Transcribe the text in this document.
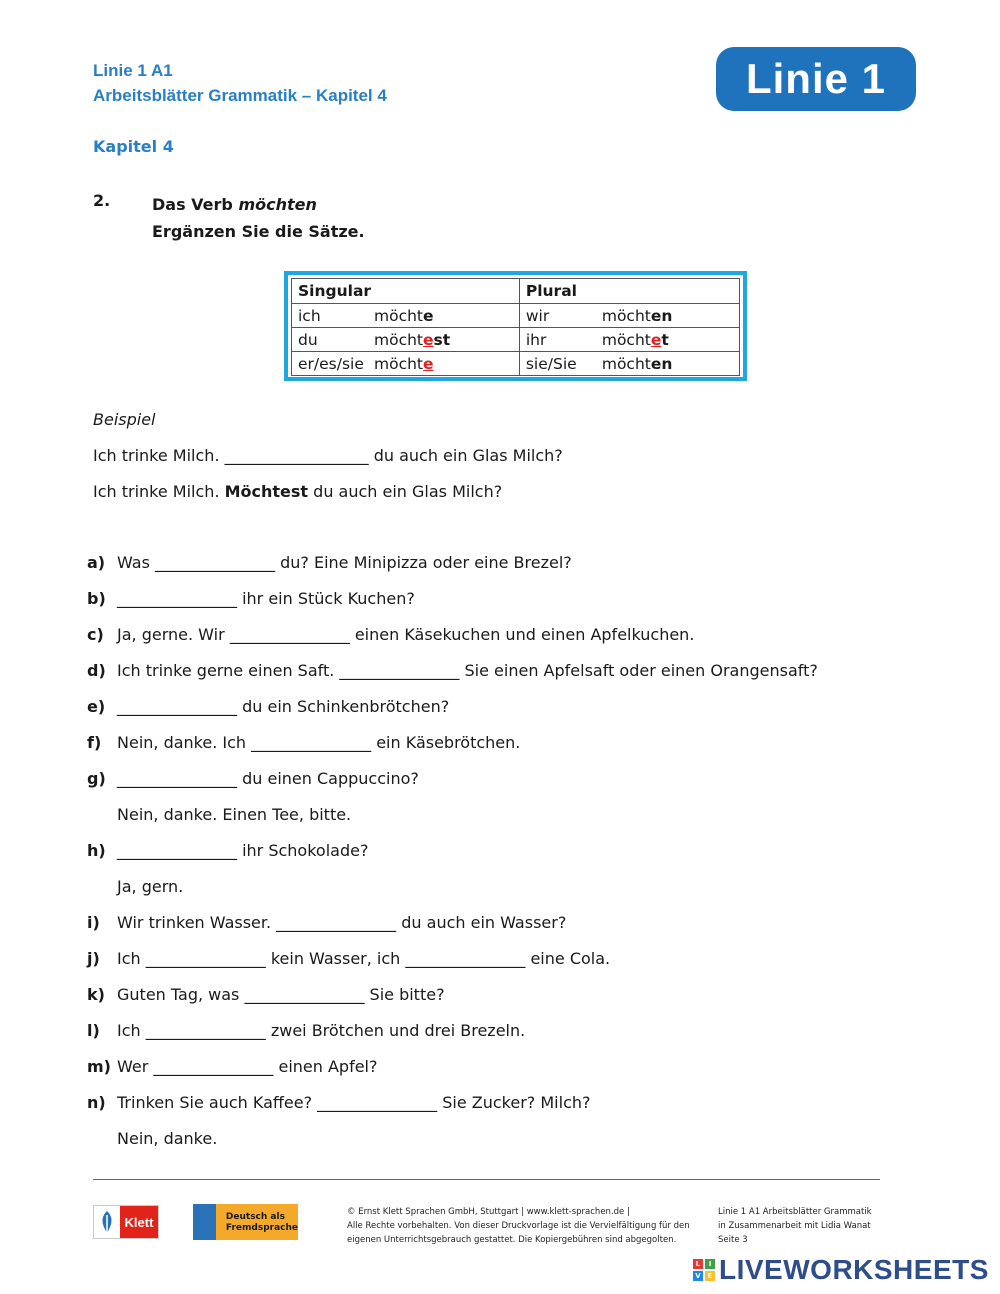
Linie 1 A1
Arbeitsblätter Grammatik – Kapitel 4	Linie 1
Kapitel 4
2.	Das Verb möchten
Ergänzen Sie die Sätze.
Singular	Plural
ich möchte	wir möchten
du möchtest	ihr möchtet
er/es/sie möchte	sie/Sie möchten
Beispiel
Ich trinke Milch. __________________ du auch ein Glas Milch?
Ich trinke Milch. Möchtest du auch ein Glas Milch?
a) Was _______________ du? Eine Minipizza oder eine Brezel?
b) _______________ ihr ein Stück Kuchen?
c) Ja, gerne. Wir _______________ einen Käsekuchen und einen Apfelkuchen.
d) Ich trinke gerne einen Saft. _______________ Sie einen Apfelsaft oder einen Orangensaft?
e) _______________ du ein Schinkenbrötchen?
f) Nein, danke. Ich _______________ ein Käsebrötchen.
g) _______________ du einen Cappuccino?
Nein, danke. Einen Tee, bitte.
h) _______________ ihr Schokolade?
Ja, gern.
i)	Wir trinken Wasser. _______________ du auch ein Wasser?
j)	Ich _______________ kein Wasser, ich _______________ eine Cola.
k) Guten Tag, was _______________ Sie bitte?
l)	Ich _______________ zwei Brötchen und drei Brezeln.
m) Wer _______________ einen Apfel?
n) Trinken Sie auch Kaffee? _______________ Sie Zucker? Milch?
Nein, danke.
Klett	Deutsch als
Fremdsprache
© Ernst Klett Sprachen GmbH, Stuttgart | www.klett-sprachen.de |
Alle Rechte vorbehalten. Von dieser Druckvorlage ist die Vervielfältigung für den
eigenen Unterrichtsgebrauch gestattet. Die Kopiergebühren sind abgegolten.
Linie 1 A1 Arbeitsblätter Grammatik
in Zusammenarbeit mit Lidia Wanat
Seite 3
L	I
V E LIVEWORKSHEETS
